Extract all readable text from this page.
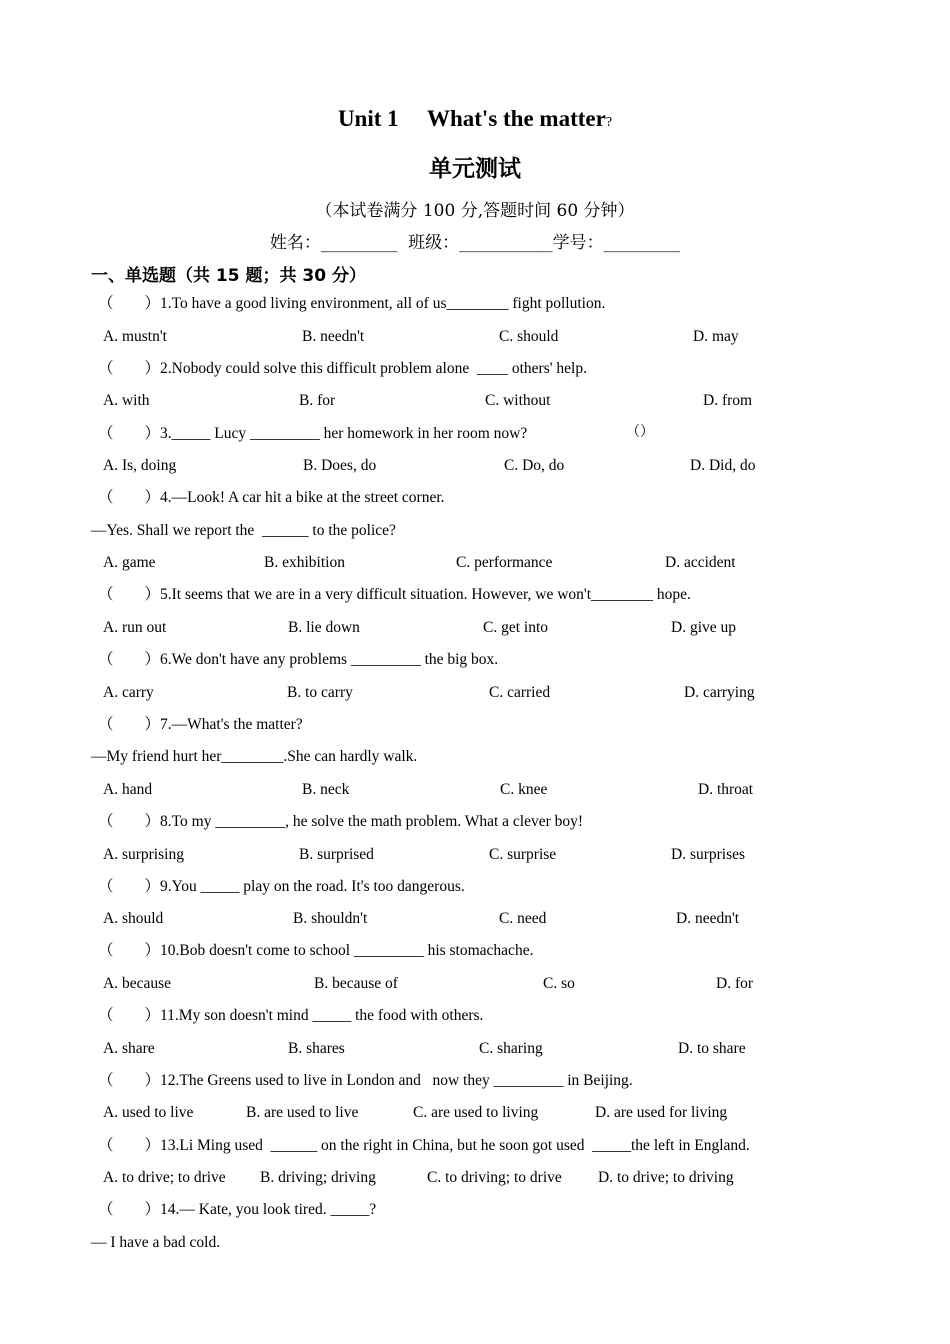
Unit 1　 What's the matter?
单元测试
（本试卷满分 100 分,答题时间 60 分钟）
姓名：_________  班级：___________学号：_________
一、单选题（共 15 题；共 30 分）
（　　）1.To have a good living environment, all of us________ fight pollution.
A. mustn't	B. needn't	C. should	D. may
（　　）2.Nobody could solve this difficult problem alone  ____ others' help.
A. with	B. for	C. without	D. from
（　　）3._____ Lucy _________ her homework in her room now?	（）
A. Is, doing	B. Does, do	C. Do, do	D. Did, do
（　　）4.—Look! A car hit a bike at the street corner.
—Yes. Shall we report the  ______ to the police?
A. game	B. exhibition	C. performance	D. accident
（　　）5.It seems that we are in a very difficult situation. However, we won't________ hope.
A. run out	B. lie down	C. get into	D. give up
（　　）6.We don't have any problems _________ the big box.
A. carry	B. to carry	C. carried	D. carrying
（　　）7.—What's the matter?
—My friend hurt her________.She can hardly walk.
A. hand	B. neck	C. knee	D. throat
（　　）8.To my _________, he solve the math problem. What a clever boy!
A. surprising	B. surprised	C. surprise	D. surprises
（　　）9.You _____ play on the road. It's too dangerous.
A. should	B. shouldn't	C. need	D. needn't
（　　）10.Bob doesn't come to school _________ his stomachache.
A. because	B. because of	C. so	D. for
（　　）11.My son doesn't mind _____ the food with others.
A. share	B. shares	C. sharing	D. to share
（　　）12.The Greens used to live in London and   now they _________ in Beijing.
A. used to live	B. are used to live	C. are used to living	D. are used for living
（　　）13.Li Ming used  ______ on the right in China, but he soon got used  _____the left in England.
A. to drive; to drive B. driving; driving	C. to driving; to drive D. to drive; to driving
（　　）14.— Kate, you look tired. _____?
— I have a bad cold.
